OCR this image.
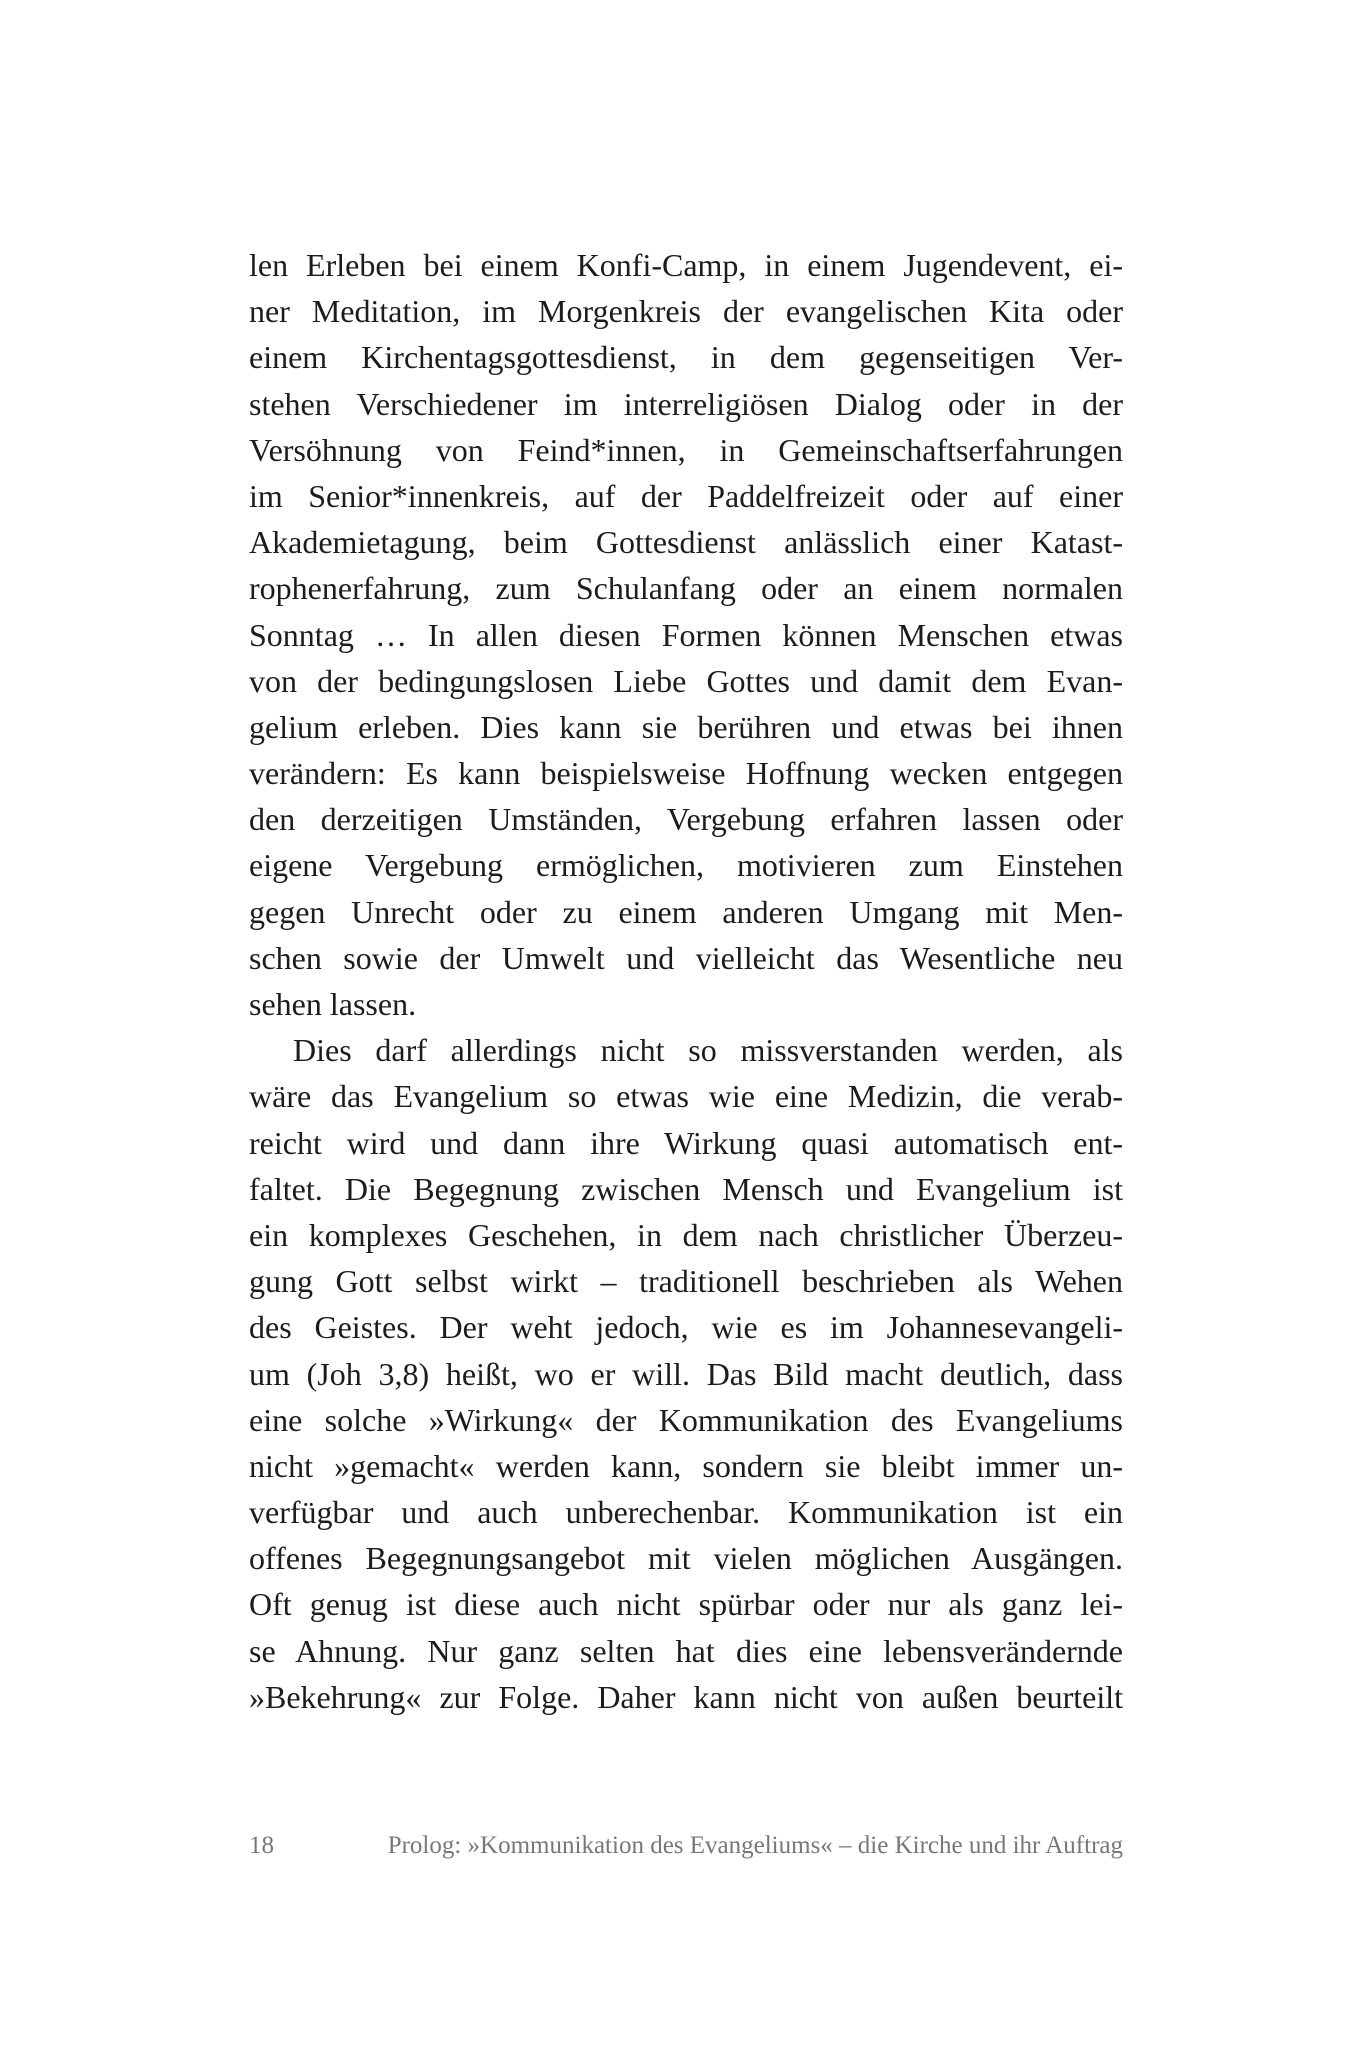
len Erleben bei einem Konfi-Camp, in einem Jugendevent, ei-
ner Meditation, im Morgenkreis der evangelischen Kita oder
einem Kirchentagsgottesdienst, in dem gegenseitigen Ver-
stehen Verschiedener im interreligiösen Dialog oder in der
Versöhnung von Feind*innen, in Gemeinschaftserfahrungen
im Senior*innenkreis, auf der Paddelfreizeit oder auf einer
Akademietagung, beim Gottesdienst anlässlich einer Katast-
rophenerfahrung, zum Schulanfang oder an einem normalen
Sonntag … In allen diesen Formen können Menschen etwas
von der bedingungslosen Liebe Gottes und damit dem Evan-
gelium erleben. Dies kann sie berühren und etwas bei ihnen
verändern: Es kann beispielsweise Hoffnung wecken entgegen
den derzeitigen Umständen, Vergebung erfahren lassen oder
eigene Vergebung ermöglichen, motivieren zum Einstehen
gegen Unrecht oder zu einem anderen Umgang mit Men-
schen sowie der Umwelt und vielleicht das Wesentliche neu
sehen lassen.
Dies darf allerdings nicht so missverstanden werden, als
wäre das Evangelium so etwas wie eine Medizin, die verab-
reicht wird und dann ihre Wirkung quasi automatisch ent-
faltet. Die Begegnung zwischen Mensch und Evangelium ist
ein komplexes Geschehen, in dem nach christlicher Überzeu-
gung Gott selbst wirkt – traditionell beschrieben als Wehen
des Geistes. Der weht jedoch, wie es im Johannesevangeli-
um (Joh 3,8) heißt, wo er will. Das Bild macht deutlich, dass
eine solche »Wirkung« der Kommunikation des Evangeliums
nicht »gemacht« werden kann, sondern sie bleibt immer un-
verfügbar und auch unberechenbar. Kommunikation ist ein
offenes Begegnungsangebot mit vielen möglichen Ausgängen.
Oft genug ist diese auch nicht spürbar oder nur als ganz lei-
se Ahnung. Nur ganz selten hat dies eine lebensverändernde
»Bekehrung« zur Folge. Daher kann nicht von außen beurteilt
18	Prolog: »Kommunikation des Evangeliums« – die Kirche und ihr Auftrag
